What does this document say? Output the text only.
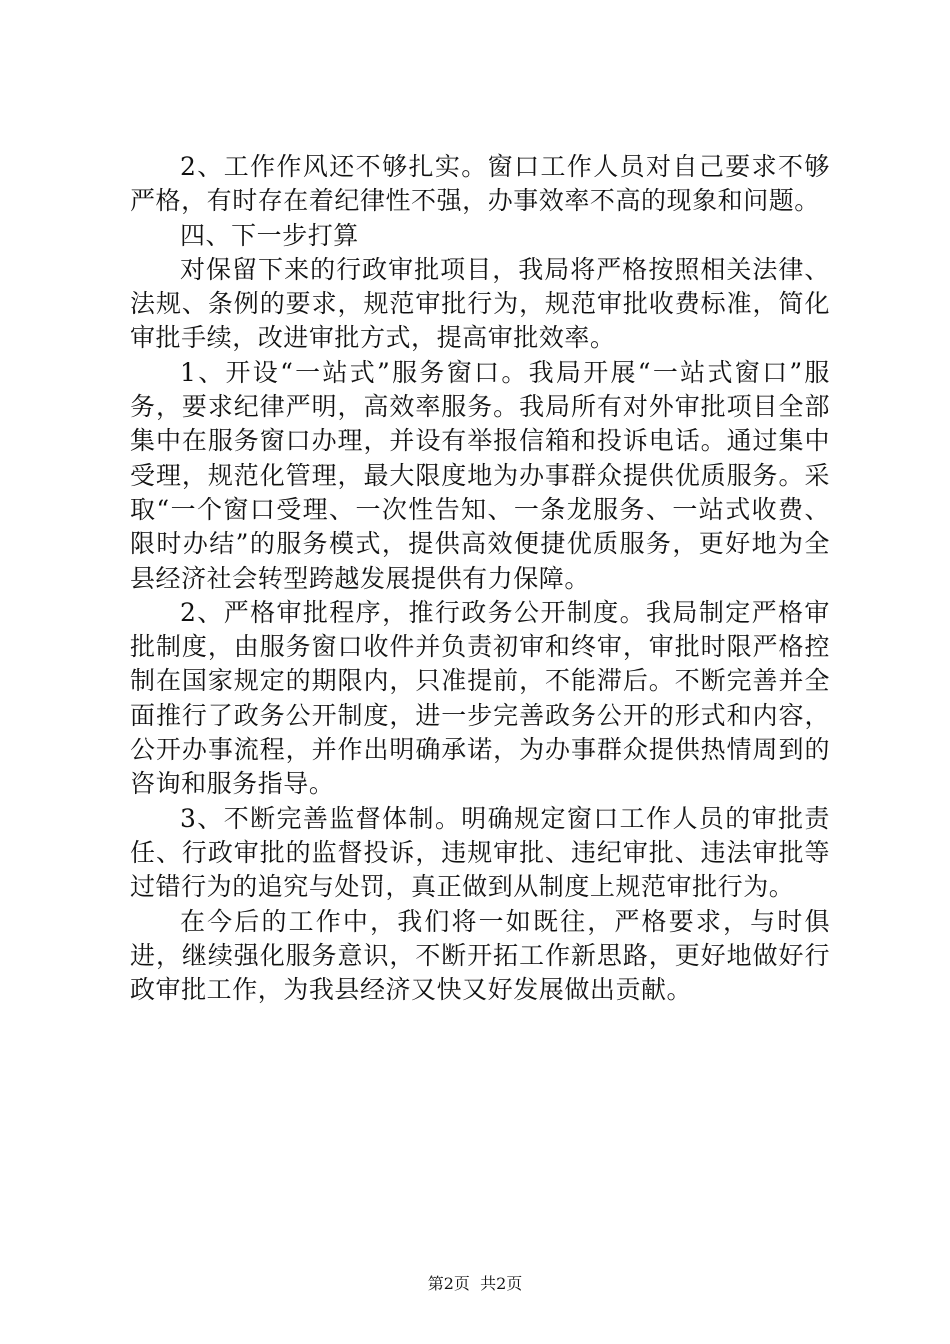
2、工作作风还不够扎实。窗口工作人员对自己要求不够严格，有时存在着纪律性不强，办事效率不高的现象和问题。

四、下一步打算

对保留下来的行政审批项目，我局将严格按照相关法律、法规、条例的要求，规范审批行为，规范审批收费标准，简化审批手续，改进审批方式，提高审批效率。

1、开设“一站式”服务窗口。我局开展“一站式窗口”服务，要求纪律严明，高效率服务。我局所有对外审批项目全部集中在服务窗口办理，并设有举报信箱和投诉电话。通过集中受理，规范化管理，最大限度地为办事群众提供优质服务。采取“一个窗口受理、一次性告知、一条龙服务、一站式收费、限时办结”的服务模式，提供高效便捷优质服务，更好地为全县经济社会转型跨越发展提供有力保障。

2、严格审批程序，推行政务公开制度。我局制定严格审批制度，由服务窗口收件并负责初审和终审，审批时限严格控制在国家规定的期限内，只准提前，不能滞后。不断完善并全面推行了政务公开制度，进一步完善政务公开的形式和内容，公开办事流程，并作出明确承诺，为办事群众提供热情周到的咨询和服务指导。

3、不断完善监督体制。明确规定窗口工作人员的审批责任、行政审批的监督投诉，违规审批、违纪审批、违法审批等过错行为的追究与处罚，真正做到从制度上规范审批行为。

在今后的工作中，我们将一如既往，严格要求，与时俱进，继续强化服务意识，不断开拓工作新思路，更好地做好行政审批工作，为我县经济又快又好发展做出贡献。

第2页  共2页
